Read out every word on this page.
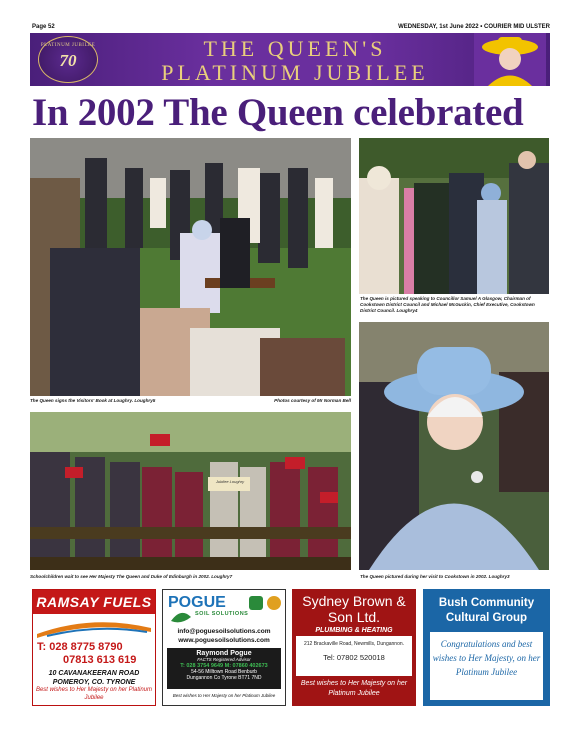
Page 52	WEDNESDAY, 1st June 2022 • COURIER MID ULSTER
PLATINUM JUBILEE
70	THE QUEEN'S
PLATINUM JUBILEE
In 2002 The Queen celebrated
The Queen signs the Visitors' Book at Loughry. Loughry5	Photos courtesy of Mr Norman Bell
The Queen is pictured speaking to Councillor Samuel A Glasgow, Chairman of Cookstown District Council and Michael McGuckin, Chief Executive, Cookstown District Council. Loughry4
Jubilee Loughry
Schoolchildren wait to see Her Majesty The Queen and Duke of Edinburgh in 2002. Loughry7	The Queen pictured during her visit to Cookstown in 2002. Loughry3
RAMSAY FUELS
T: 028 8775 8790
07813 613 619
10 CAVANAKEERAN ROAD
POMEROY, CO. TYRONE
Best wishes to Her Majesty on her Platinum Jubilee
POGUE
SOIL SOLUTIONS
info@poguesoilsolutions.com
www.poguesoilsolutions.com
Raymond Pogue
FACTS Registered Advisor
T: 028 3754 9649 M: 07860 402673
54-56 Milltown Road Benburb
Dungannon Co Tyrone BT71 7ND
Best wishes to Her Majesty on her Platinum Jubilee
Sydney Brown & Son Ltd.
PLUMBING & HEATING
212 Brackaville Road, Newmills, Dungannon.
Tel: 07802 520018
Best wishes to Her Majesty on her Platinum Jubilee
Bush Community Cultural Group
Congratulations and best wishes to Her Majesty, on her Platinum Jubilee
